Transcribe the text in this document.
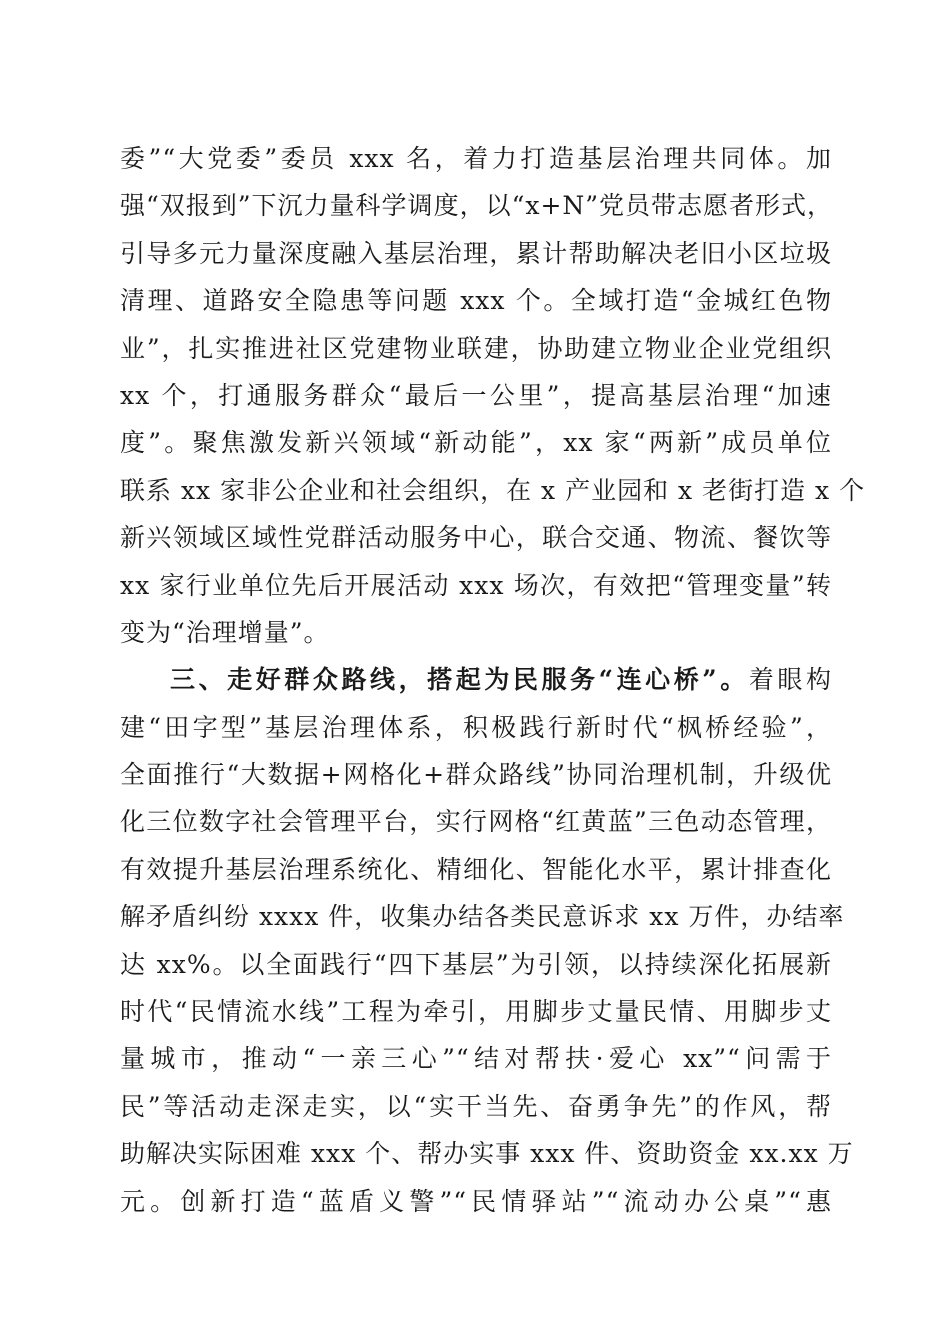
委”“大党委”委员 xxx 名，着力打造基层治理共同体。加
强“双报到”下沉力量科学调度，以“x+N”党员带志愿者形式，
引导多元力量深度融入基层治理，累计帮助解决老旧小区垃圾
清理、道路安全隐患等问题 xxx 个。全域打造“金城红色物
业”，扎实推进社区党建物业联建，协助建立物业企业党组织
xx 个，打通服务群众“最后一公里”，提高基层治理“加速
度”。聚焦激发新兴领域“新动能”，xx 家“两新”成员单位
联系 xx 家非公企业和社会组织，在 x 产业园和 x 老街打造 x 个
新兴领域区域性党群活动服务中心，联合交通、物流、餐饮等
xx 家行业单位先后开展活动 xxx 场次，有效把“管理变量”转
变为“治理增量”。
三、走好群众路线，搭起为民服务“连心桥”。着眼构
建“田字型”基层治理体系，积极践行新时代“枫桥经验”，
全面推行“大数据+网格化+群众路线”协同治理机制，升级优
化三位数字社会管理平台，实行网格“红黄蓝”三色动态管理，
有效提升基层治理系统化、精细化、智能化水平，累计排查化
解矛盾纠纷 xxxx 件，收集办结各类民意诉求 xx 万件，办结率
达 xx%。以全面践行“四下基层”为引领，以持续深化拓展新
时代“民情流水线”工程为牵引，用脚步丈量民情、用脚步丈
量城市，推动“一亲三心”“结对帮扶·爱心 xx”“问需于
民”等活动走深走实，以“实干当先、奋勇争先”的作风，帮
助解决实际困难 xxx 个、帮办实事 xxx 件、资助资金 xx.xx 万
元。创新打造“蓝盾义警”“民情驿站”“流动办公桌”“惠
